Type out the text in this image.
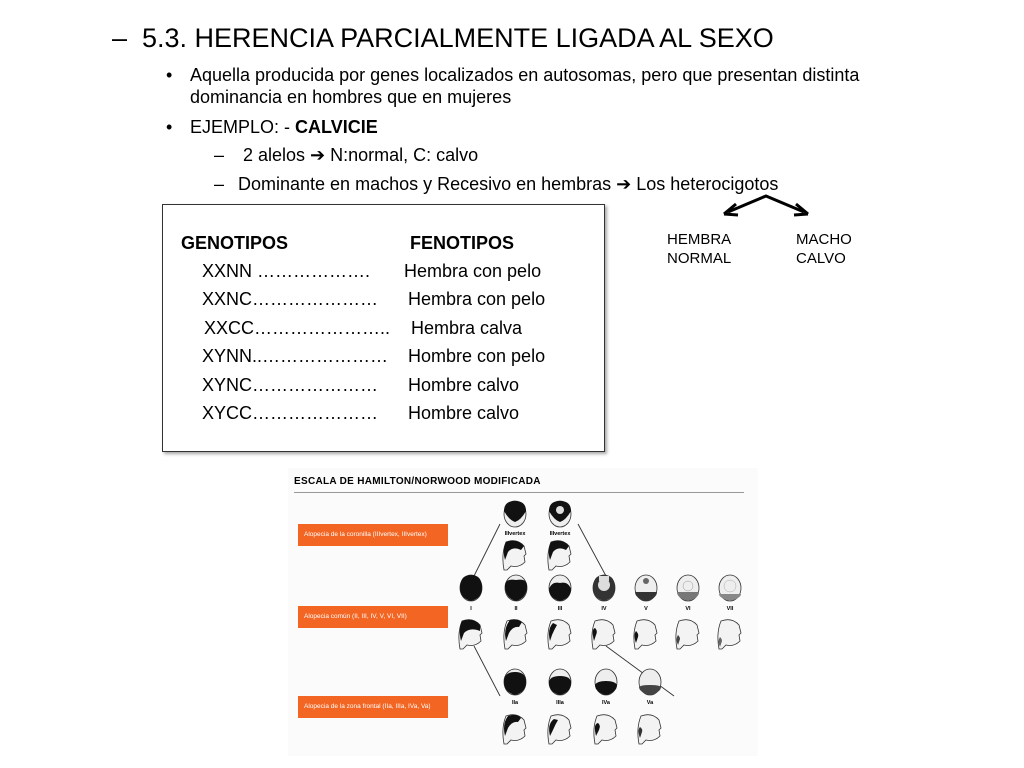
– 5.3. HERENCIA PARCIALMENTE LIGADA AL SEXO
• Aquella producida por genes localizados en autosomas, pero que presentan distinta dominancia en hombres que en mujeres
• EJEMPLO: - CALVICIE
– 2 alelos ➔ N:normal, C: calvo
– Dominante en machos y Recesivo en hembras ➔ Los heterocigotos
HEMBRA
NORMAL
MACHO
CALVO
GENOTIPOS	FENOTIPOS
XXNN ………………. Hembra con pelo
XXNC………………… Hembra con pelo
XXCC………………….. Hembra calva
XYNN..………………… Hombre con pelo
XYNC………………… Hombre calvo
XYCC………………… Hombre calvo
ESCALA DE HAMILTON/NORWOOD MODIFICADA
Alopecia de la coronilla (IIIvertex, IIIvertex)
Alopecia común (II, III, IV, V, VI, VII)
Alopecia de la zona frontal (IIa, IIIa, IVa, Va)
IIIvertex	IIIvertex
I	II	III	IV	V	VI	VII
IIa	IIIa	IVa	Va
